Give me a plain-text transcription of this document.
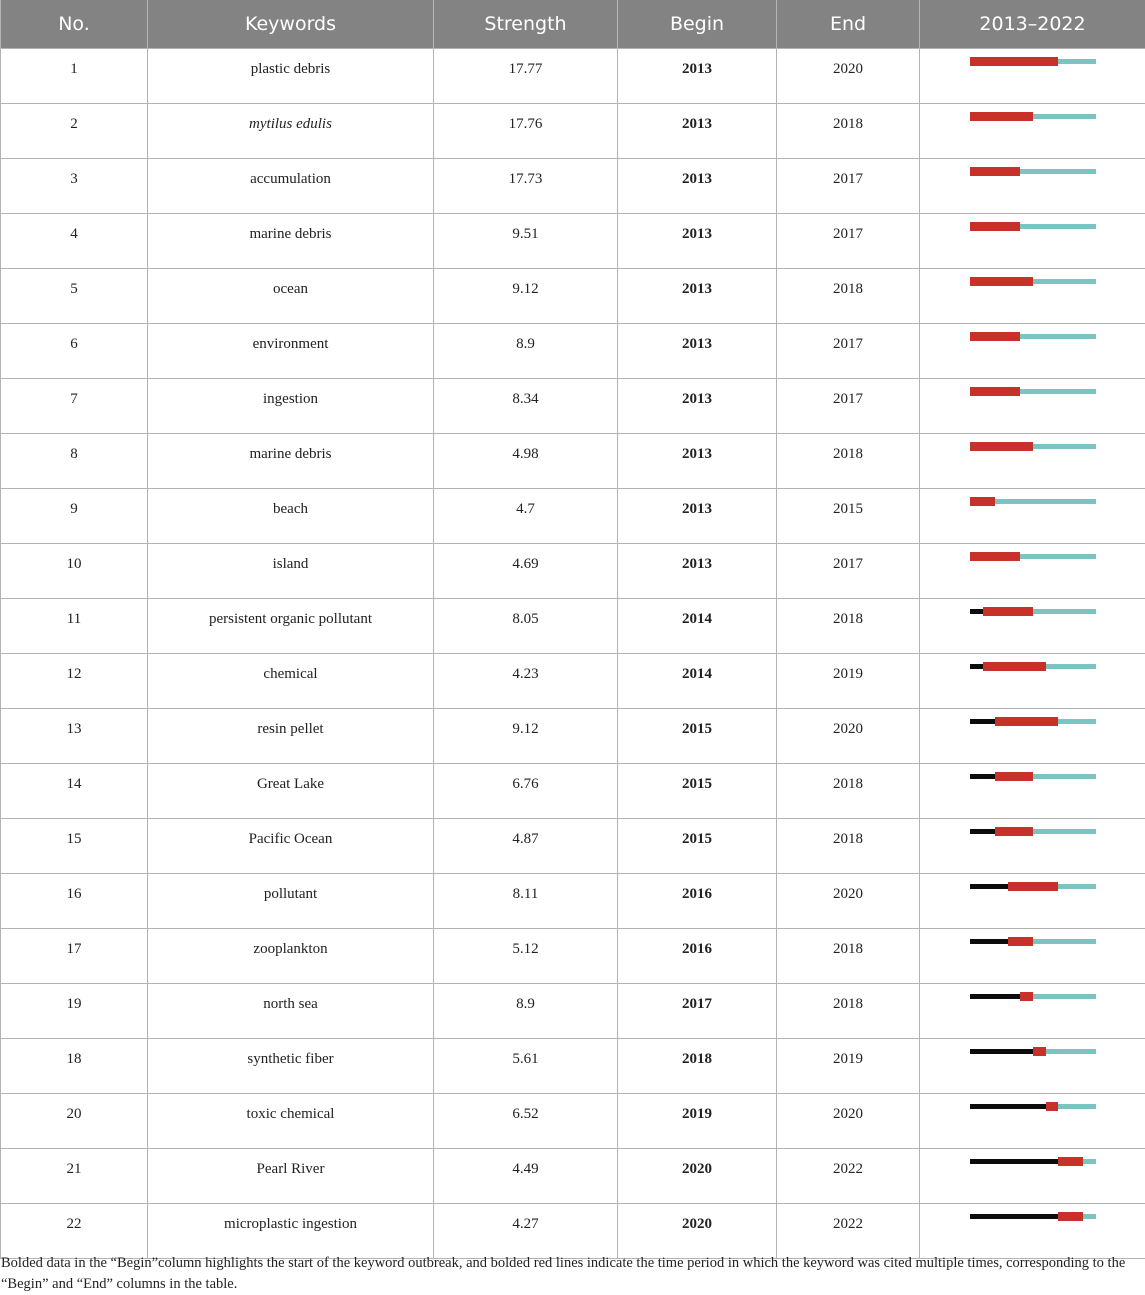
No.	Keywords	Strength	Begin	End	2013–2022
1	plastic debris	17.77	2013	2020	

2	mytilus edulis	17.76	2013	2018	

3	accumulation	17.73	2013	2017	

4	marine debris	9.51	2013	2017	

5	ocean	9.12	2013	2018	

6	environment	8.9	2013	2017	

7	ingestion	8.34	2013	2017	

8	marine debris	4.98	2013	2018	

9	beach	4.7	2013	2015	

10	island	4.69	2013	2017	

11	persistent organic pollutant	8.05	2014	2018	

12	chemical	4.23	2014	2019	

13	resin pellet	9.12	2015	2020	

14	Great Lake	6.76	2015	2018	

15	Pacific Ocean	4.87	2015	2018	

16	pollutant	8.11	2016	2020	

17	zooplankton	5.12	2016	2018	

19	north sea	8.9	2017	2018	

18	synthetic fiber	5.61	2018	2019	

20	toxic chemical	6.52	2019	2020	

21	Pearl River	4.49	2020	2022	

22	microplastic ingestion	4.27	2020	2022	
Bolded data in the “Begin”column highlights the start of the keyword outbreak, and bolded red lines indicate the time period in which the keyword was cited multiple times, corresponding to the “Begin” and “End” columns in the table.
